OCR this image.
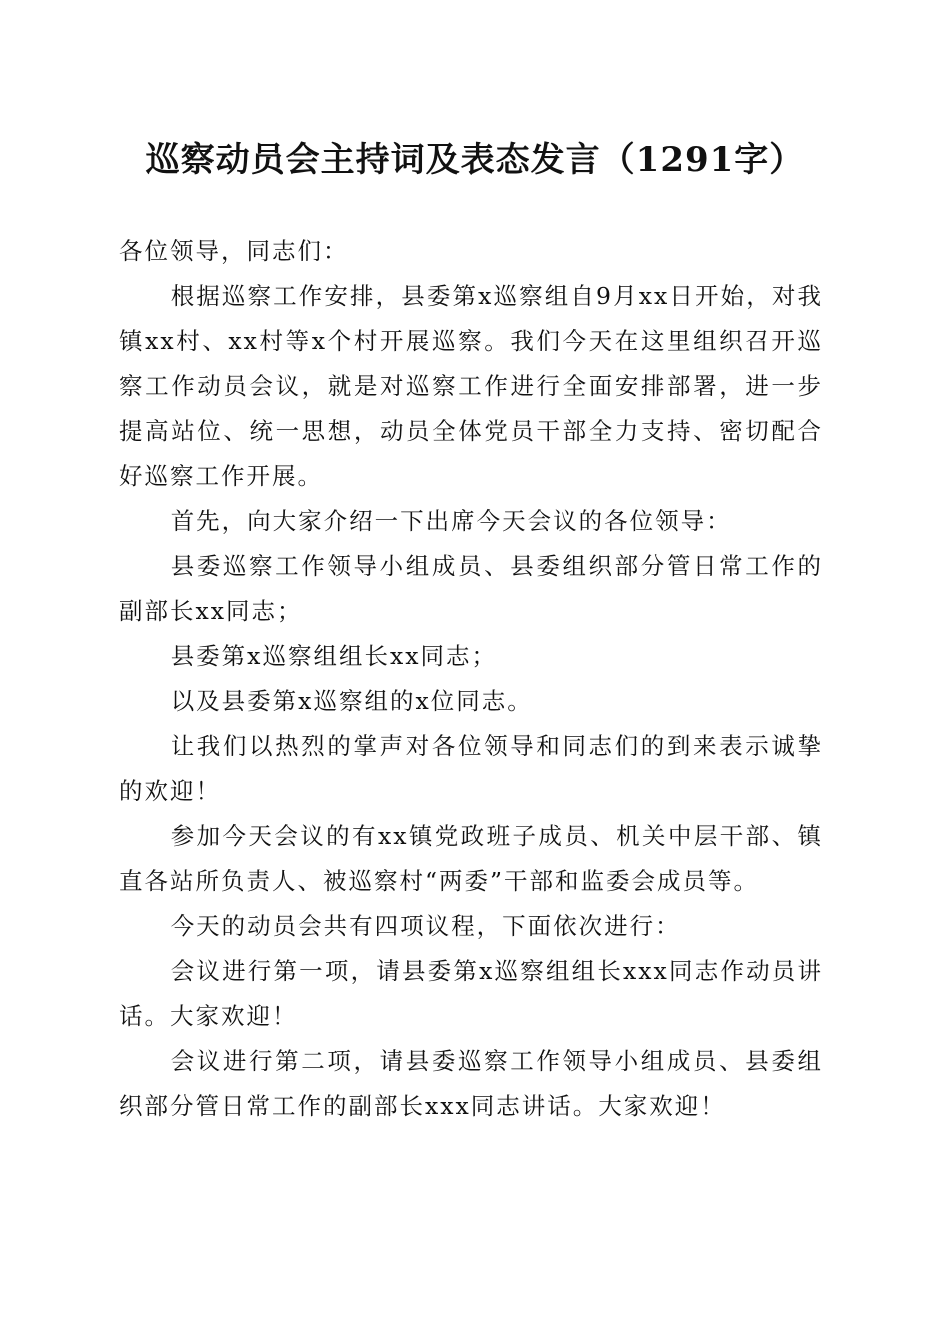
巡察动员会主持词及表态发言（1291字）

各位领导，同志们：

根据巡察工作安排，县委第x巡察组自9月xx日开始，对我镇xx村、xx村等x个村开展巡察。我们今天在这里组织召开巡察工作动员会议，就是对巡察工作进行全面安排部署，进一步提高站位、统一思想，动员全体党员干部全力支持、密切配合好巡察工作开展。

首先，向大家介绍一下出席今天会议的各位领导：

县委巡察工作领导小组成员、县委组织部分管日常工作的副部长xx同志；

县委第x巡察组组长xx同志；

以及县委第x巡察组的x位同志。

让我们以热烈的掌声对各位领导和同志们的到来表示诚挚的欢迎！

参加今天会议的有xx镇党政班子成员、机关中层干部、镇直各站所负责人、被巡察村“两委”干部和监委会成员等。

今天的动员会共有四项议程，下面依次进行：

会议进行第一项，请县委第x巡察组组长xxx同志作动员讲话。大家欢迎！

会议进行第二项，请县委巡察工作领导小组成员、县委组织部分管日常工作的副部长xxx同志讲话。大家欢迎！
